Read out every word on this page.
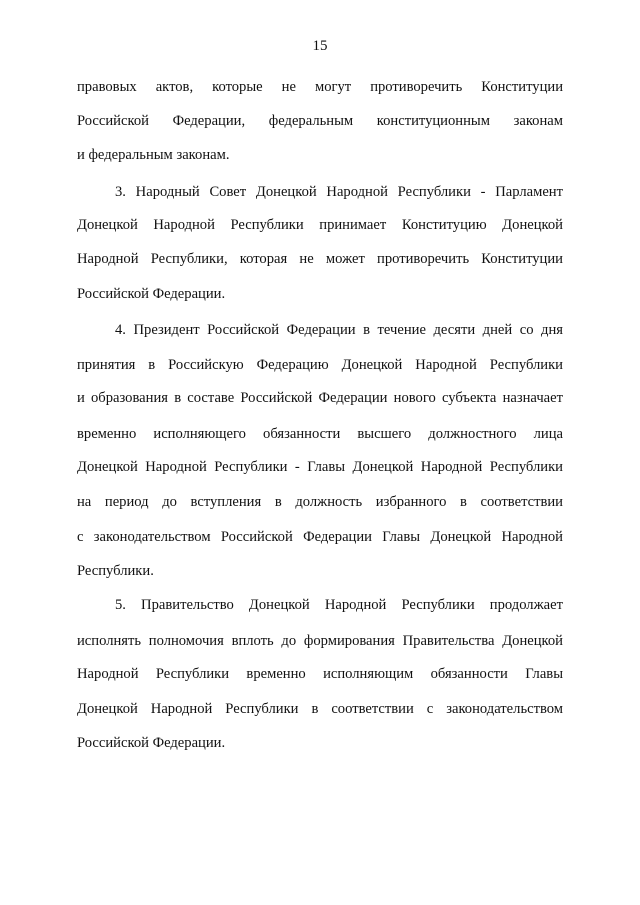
15
правовых актов, которые не могут противоречить Конституции
Российской Федерации, федеральным конституционным законам
и федеральным законам.
3. Народный Совет Донецкой Народной Республики - Парламент
Донецкой Народной Республики принимает Конституцию Донецкой
Народной Республики, которая не может противоречить Конституции
Российской Федерации.
4. Президент Российской Федерации в течение десяти дней со дня
принятия в Российскую Федерацию Донецкой Народной Республики
и образования в составе Российской Федерации нового субъекта назначает
временно исполняющего обязанности высшего должностного лица
Донецкой Народной Республики - Главы Донецкой Народной Республики
на период до вступления в должность избранного в соответствии
с законодательством Российской Федерации Главы Донецкой Народной
Республики.
5. Правительство Донецкой Народной Республики продолжает
исполнять полномочия вплоть до формирования Правительства Донецкой
Народной Республики временно исполняющим обязанности Главы
Донецкой Народной Республики в соответствии с законодательством
Российской Федерации.
